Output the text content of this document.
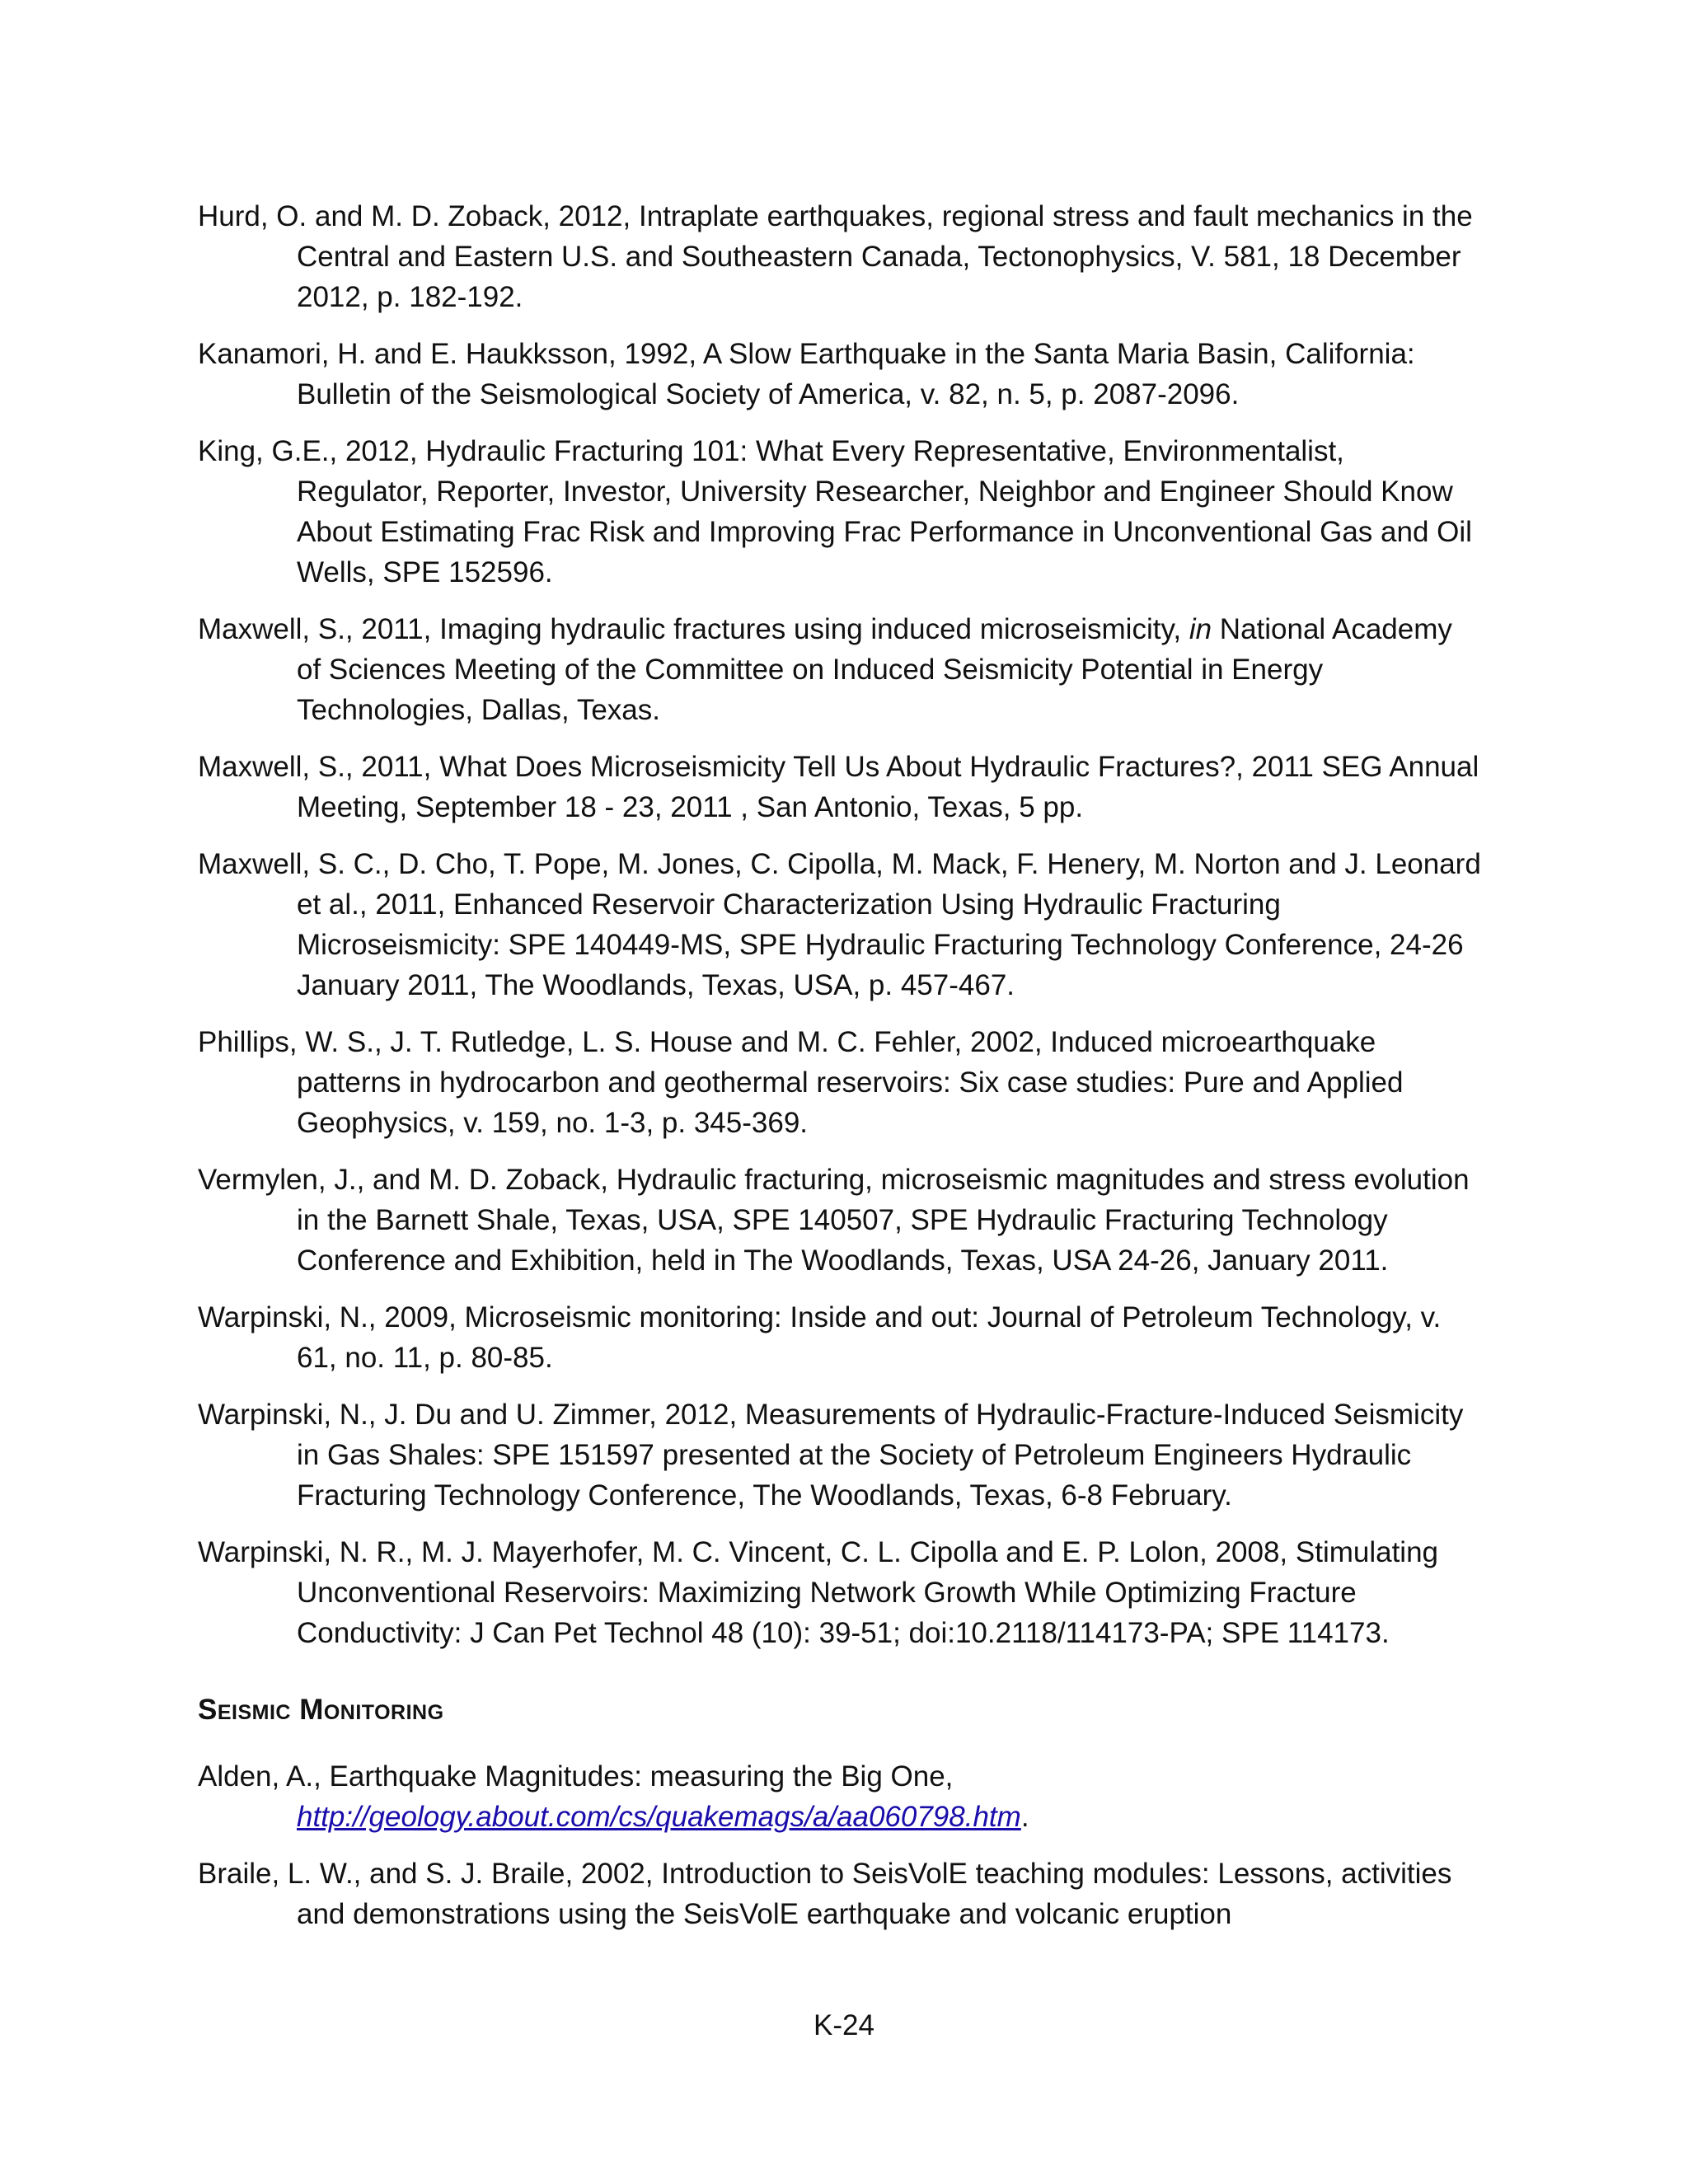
Hurd, O. and M. D. Zoback, 2012, Intraplate earthquakes, regional stress and fault mechanics in the Central and Eastern U.S. and Southeastern Canada, Tectonophysics, V. 581, 18 December 2012, p. 182-192.

Kanamori, H. and E. Haukksson, 1992, A Slow Earthquake in the Santa Maria Basin, California: Bulletin of the Seismological Society of America, v. 82, n. 5, p. 2087-2096.

King, G.E., 2012, Hydraulic Fracturing 101: What Every Representative, Environmentalist, Regulator, Reporter, Investor, University Researcher, Neighbor and Engineer Should Know About Estimating Frac Risk and Improving Frac Performance in Unconventional Gas and Oil Wells, SPE 152596.

Maxwell, S., 2011, Imaging hydraulic fractures using induced microseismicity, in National Academy of Sciences Meeting of the Committee on Induced Seismicity Potential in Energy Technologies, Dallas, Texas.

Maxwell, S., 2011, What Does Microseismicity Tell Us About Hydraulic Fractures?, 2011 SEG Annual Meeting, September 18 - 23, 2011 , San Antonio, Texas, 5 pp.

Maxwell, S. C., D. Cho, T. Pope, M. Jones, C. Cipolla, M. Mack, F. Henery, M. Norton and J. Leonard et al., 2011, Enhanced Reservoir Characterization Using Hydraulic Fracturing Microseismicity: SPE 140449-MS, SPE Hydraulic Fracturing Technology Conference, 24-26 January 2011, The Woodlands, Texas, USA, p. 457-467.

Phillips, W. S., J. T. Rutledge, L. S. House and M. C. Fehler, 2002, Induced microearthquake patterns in hydrocarbon and geothermal reservoirs: Six case studies: Pure and Applied Geophysics, v. 159, no. 1-3, p. 345-369.

Vermylen, J., and M. D. Zoback, Hydraulic fracturing, microseismic magnitudes and stress evolution in the Barnett Shale, Texas, USA, SPE 140507, SPE Hydraulic Fracturing Technology Conference and Exhibition, held in The Woodlands, Texas, USA 24-26, January 2011.

Warpinski, N., 2009, Microseismic monitoring: Inside and out: Journal of Petroleum Technology, v. 61, no. 11, p. 80-85.

Warpinski, N., J. Du and U. Zimmer, 2012, Measurements of Hydraulic-Fracture-Induced Seismicity in Gas Shales: SPE 151597 presented at the Society of Petroleum Engineers Hydraulic Fracturing Technology Conference, The Woodlands, Texas, 6-8 February.

Warpinski, N. R., M. J. Mayerhofer, M. C. Vincent, C. L. Cipolla and E. P. Lolon, 2008, Stimulating Unconventional Reservoirs: Maximizing Network Growth While Optimizing Fracture Conductivity: J Can Pet Technol 48 (10): 39-51; doi:10.2118/114173-PA; SPE 114173.

Seismic Monitoring

Alden, A., Earthquake Magnitudes: measuring the Big One, http://geology.about.com/cs/quakemags/a/aa060798.htm.

Braile, L. W., and S. J. Braile, 2002, Introduction to SeisVolE teaching modules: Lessons, activities and demonstrations using the SeisVolE earthquake and volcanic eruption

K-24
